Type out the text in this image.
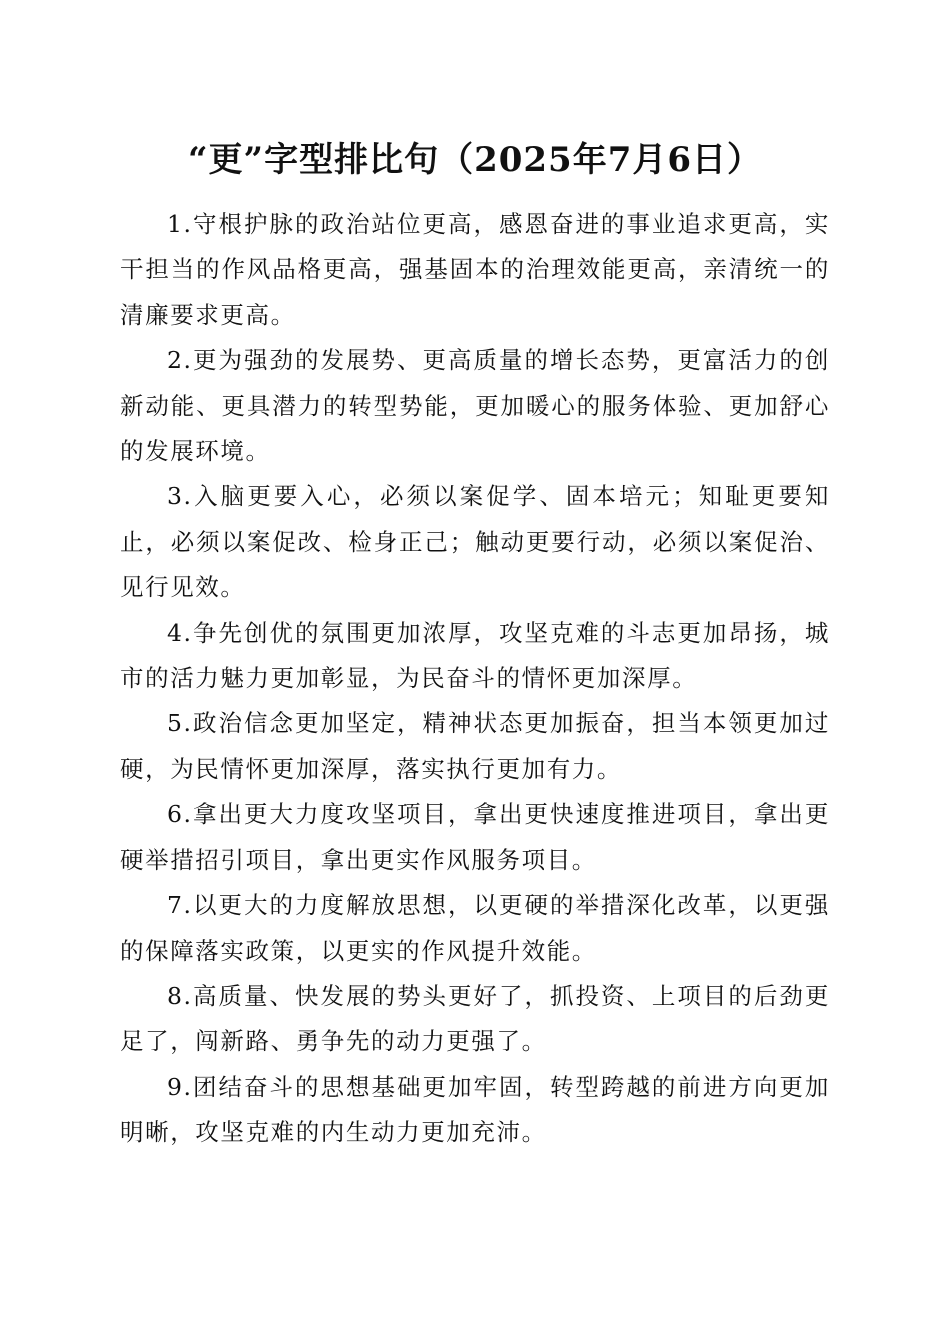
“更”字型排比句（2025年7月6日）

1.守根护脉的政治站位更高，感恩奋进的事业追求更高，实干担当的作风品格更高，强基固本的治理效能更高，亲清统一的清廉要求更高。

2.更为强劲的发展势、更高质量的增长态势，更富活力的创新动能、更具潜力的转型势能，更加暖心的服务体验、更加舒心的发展环境。

3.入脑更要入心，必须以案促学、固本培元；知耻更要知止，必须以案促改、检身正己；触动更要行动，必须以案促治、见行见效。

4.争先创优的氛围更加浓厚，攻坚克难的斗志更加昂扬，城市的活力魅力更加彰显，为民奋斗的情怀更加深厚。

5.政治信念更加坚定，精神状态更加振奋，担当本领更加过硬，为民情怀更加深厚，落实执行更加有力。

6.拿出更大力度攻坚项目，拿出更快速度推进项目，拿出更硬举措招引项目，拿出更实作风服务项目。

7.以更大的力度解放思想，以更硬的举措深化改革，以更强的保障落实政策，以更实的作风提升效能。

8.高质量、快发展的势头更好了，抓投资、上项目的后劲更足了，闯新路、勇争先的动力更强了。

9.团结奋斗的思想基础更加牢固，转型跨越的前进方向更加明晰，攻坚克难的内生动力更加充沛。
